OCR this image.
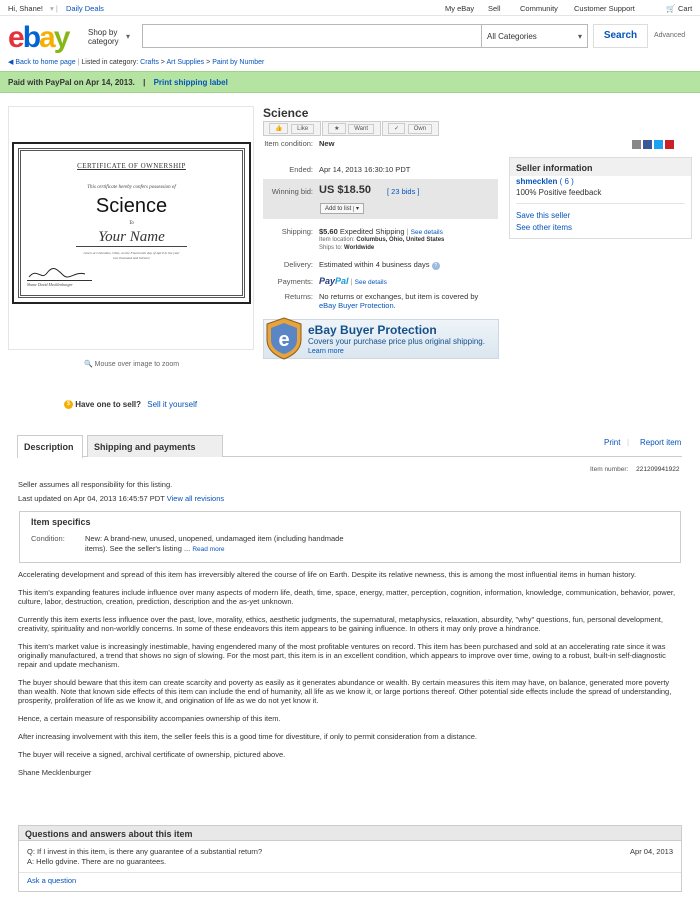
Hi, Shane! ▾ | Daily Deals	My eBay Sell	Community Customer Support	🛒 Cart
ebay Shop by
category
▾	All Categories	▾	Search	Advanced
◀ Back to home page | Listed in category: Crafts > Art Supplies > Paint by Number
Paid with PayPal on Apr 14, 2013. | Print shipping label
CERTIFICATE OF OWNERSHIP
This certificate hereby confers possession of
Science
To
Your Name
Given at Columbus, Ohio, on the Fourteenth day of April in the year
two thousand and thirteen
Shane David Mecklenburger
🔍 Mouse over image to zoom
$ Have one to sell? Sell it yourself
Science
👍 Like	★ Want	✓ Own
Item condition: New
Ended: Apr 14, 2013 16:30:10 PDT
Winning bid: US $18.50 [ 23 bids ]
Add to list ▾
Shipping: $5.60 Expedited Shipping | See details
Item location: Columbus, Ohio, United States
Ships to: Worldwide
Delivery: Estimated within 4 business days ?
Payments: PayPal | See details
Returns: No returns or exchanges, but item is covered by
eBay Buyer Protection.
e eBay Buyer Protection
Covers your purchase price plus original shipping.
Learn more
Seller information
shmecklen ( 6 )
100% Positive feedback
Save this seller
See other items
Description	Shipping and payments	Print | Report item
Item number: 221209941922
Seller assumes all responsibility for this listing.
Last updated on Apr 04, 2013 16:45:57 PDT View all revisions
Item specifics
Condition:	New: A brand-new, unused, unopened, undamaged item (including handmade
items). See the seller's listing ... Read more

Accelerating development and spread of this item has irreversibly altered the course of life on Earth. Despite its relative newness, this is among the most influential items in human history.

This item's expanding features include influence over many aspects of modern life, death, time, space, energy, matter, perception, cognition, information, knowledge, communication, behavior, power, culture, labor, destruction, creation, prediction, description and the as-yet unknown.

Currently this item exerts less influence over the past, love, morality, ethics, aesthetic judgments, the supernatural, metaphysics, relaxation, absurdity, "why" questions, fun, personal development, creativity, spirituality and non-worldly concerns. In some of these endeavors this item appears to be gaining influence. In others it may only prove a hindrance.

This item's market value is increasingly inestimable, having engendered many of the most profitable ventures on record. This item has been purchased and sold at an accelerating rate since it was originally manufactured, a trend that shows no sign of slowing. For the most part, this item is in an excellent condition, which appears to improve over time, owing to a robust, built-in self-diagnostic repair and update mechanism.

The buyer should beware that this item can create scarcity and poverty as easily as it generates abundance or wealth. By certain measures this item may have, on balance, generated more poverty than wealth. Note that known side effects of this item can include the end of humanity, all life as we know it, or large portions thereof. Other potential side effects include the spread of understanding, prosperity, proliferation of life as we know it, and origination of life as we do not yet know it.

Hence, a certain measure of responsibility accompanies ownership of this item.

After increasing involvement with this item, the seller feels this is a good time for divestiture, if only to permit consideration from a distance.

The buyer will receive a signed, archival certificate of ownership, pictured above.

Shane Mecklenburger

Questions and answers about this item
Q: If I invest in this item, is there any guarantee of a substantial return?
A: Hello gdvine. There are no guarantees.
Apr 04, 2013
Ask a question
